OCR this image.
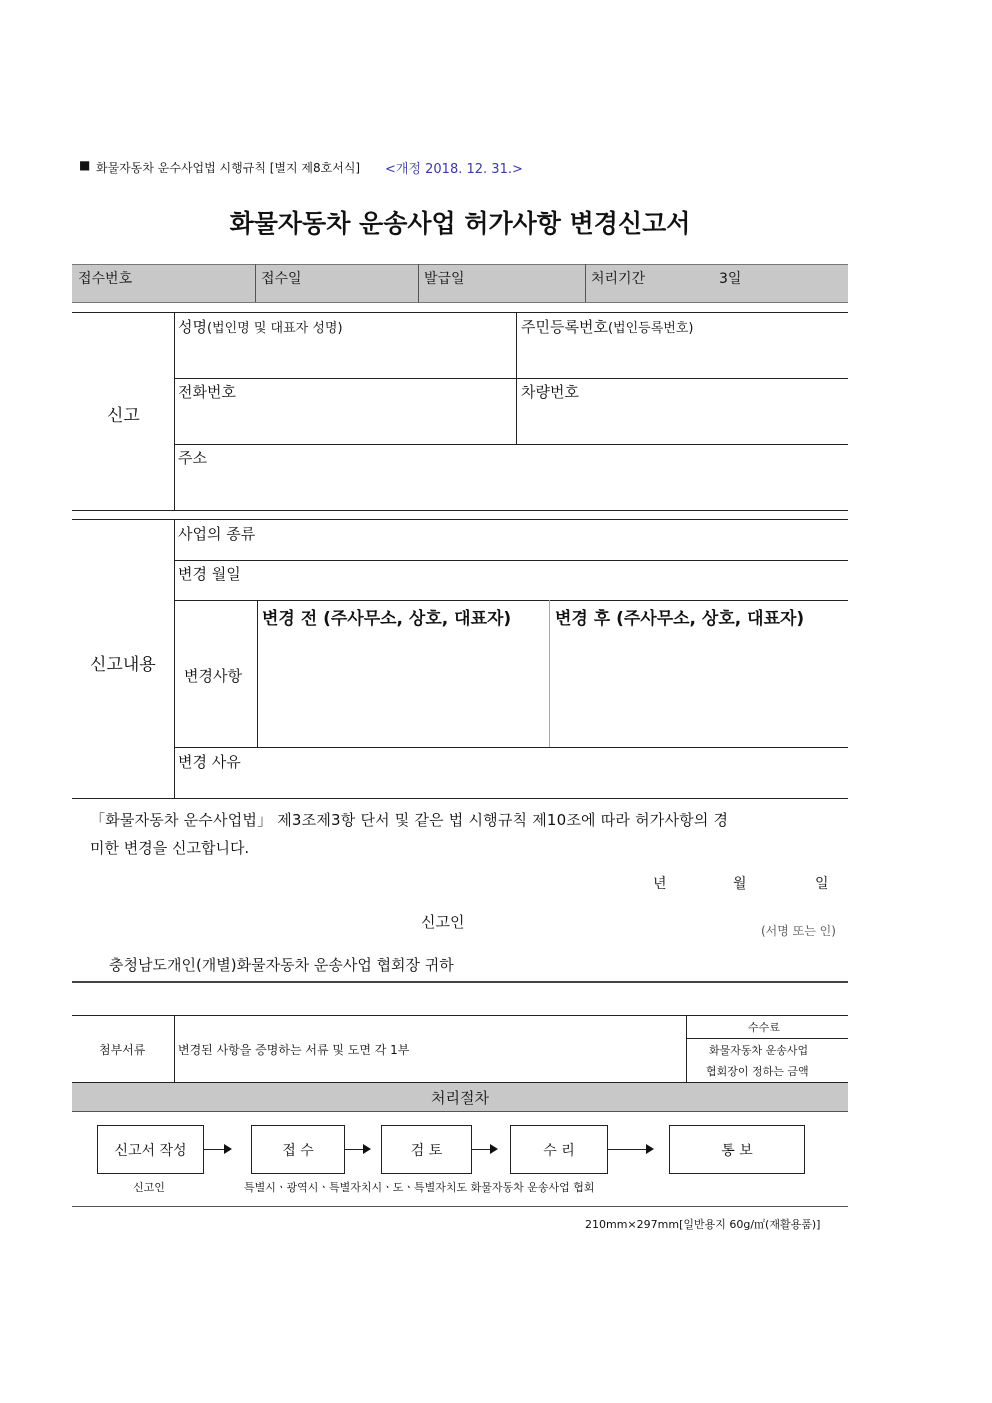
■ 화물자동차 운수사업법 시행규칙 [별지 제8호서식] <개정 2018. 12. 31.>
화물자동차 운송사업 허가사항 변경신고서
접수번호	접수일	발급일	처리기간	3일
신고
성명(법인명 및 대표자 성명)	주민등록번호(법인등록번호)
전화번호	차량번호
주소
신고내용
사업의 종류
변경 월일
변경사항
변경 전 (주사무소, 상호, 대표자)	변경 후 (주사무소, 상호, 대표자)
변경 사유
「화물자동차 운수사업법」 제3조제3항 단서 및 같은 법 시행규칙 제10조에 따라 허가사항의 경
미한 변경을 신고합니다.
년	월	일
신고인	(서명 또는 인)
충청남도개인(개별)화물자동차 운송사업 협회장 귀하
첨부서류	변경된 사항을 증명하는 서류 및 도면 각 1부
수수료
화물자동차 운송사업
협회장이 정하는 금액
처리절차
신고서 작성	접 수	검 토	수 리	통 보
신고인	특별시ㆍ광역시ㆍ특별자치시ㆍ도ㆍ특별자치도 화물자동차 운송사업 협회
210mm×297mm[일반용지 60g/㎡(재활용품)]
